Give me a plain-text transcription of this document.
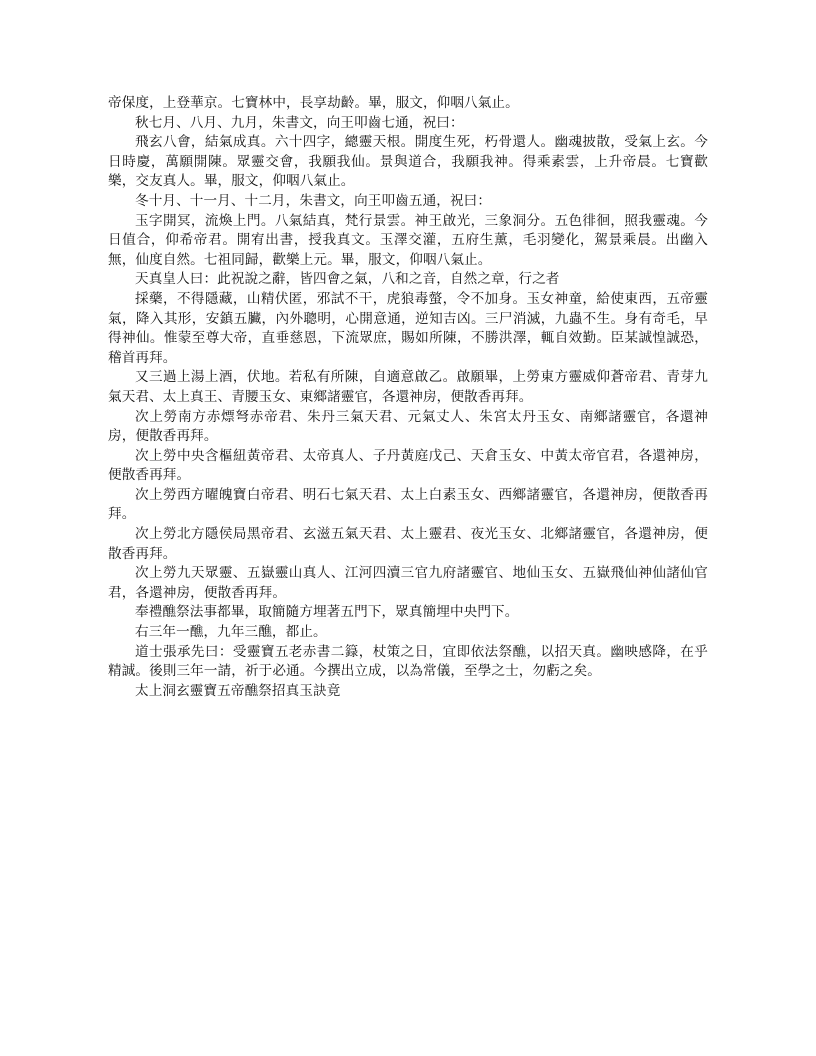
帝保度，上登華京。七寶林中，長享劫齡。畢，服文，仰咽八氣止。

秋七月、八月、九月，朱書文，向王叩齒七通，祝曰：

飛玄八會，結氣成真。六十四字，總靈天根。開度生死，朽骨還人。幽魂披散，受氣上玄。今日時慶，萬願開陳。眾靈交會，我願我仙。景與道合，我願我神。得乘素雲，上升帝晨。七寶歡樂，交友真人。畢，服文，仰咽八氣止。

冬十月、十一月、十二月，朱書文，向王叩齒五通，祝曰：

玉字開冥，流煥上門。八氣結真，梵行景雲。神王啟光，三象洞分。五色徘徊，照我靈魂。今日值合，仰希帝君。開宥出書，授我真文。玉澤交灌，五府生薰，毛羽變化，駕景乘晨。出幽入無，仙度自然。七祖同歸，歡樂上元。畢，服文，仰咽八氣止。

天真皇人曰：此祝說之辭，皆四會之氣，八和之音，自然之章，行之者

採藥，不得隱藏，山精伏匿，邪試不干，虎狼毒螫，令不加身。玉女神童，給使東西，五帝靈氣，降入其形，安鎮五臟，內外聰明，心開意通，逆知吉凶。三尸消滅，九蟲不生。身有奇毛，早得神仙。惟蒙至尊大帝，直垂慈恩，下流眾庶，賜如所陳，不勝洪澤，輒自效勤。臣某誠惶誠恐，稽首再拜。

又三過上湯上酒，伏地。若私有所陳，自適意啟乙。啟願畢，上勞東方靈威仰蒼帝君、青芽九氣天君、太上真王、青腰玉女、東鄉諸靈官，各還神房，便散香再拜。

次上勞南方赤熛弩赤帝君、朱丹三氣天君、元氣丈人、朱宮太丹玉女、南鄉諸靈官，各還神房，便散香再拜。

次上勞中央含樞紐黃帝君、太帝真人、子丹黃庭戊己、天倉玉女、中黃太帝官君，各還神房，便散香再拜。

次上勞西方曜魄寶白帝君、明石七氣天君、太上白素玉女、西鄉諸靈官，各還神房，便散香再拜。

次上勞北方隱侯局黑帝君、玄滋五氣天君、太上靈君、夜光玉女、北鄉諸靈官，各還神房，便散香再拜。

次上勞九天眾靈、五嶽靈山真人、江河四瀆三官九府諸靈官、地仙玉女、五嶽飛仙神仙諸仙官君，各還神房，便散香再拜。

奉禮醮祭法事都畢，取簡隨方埋著五門下，眾真簡埋中央門下。

右三年一醮，九年三醮，都止。

道士張承先曰：受靈寶五老赤書二籙，杖策之日，宜即依法祭醮，以招天真。幽映感降，在乎精誠。後則三年一請，祈于必通。今撰出立成，以為常儀，至學之士，勿虧之矣。

太上洞玄靈寶五帝醮祭招真玉訣竟
